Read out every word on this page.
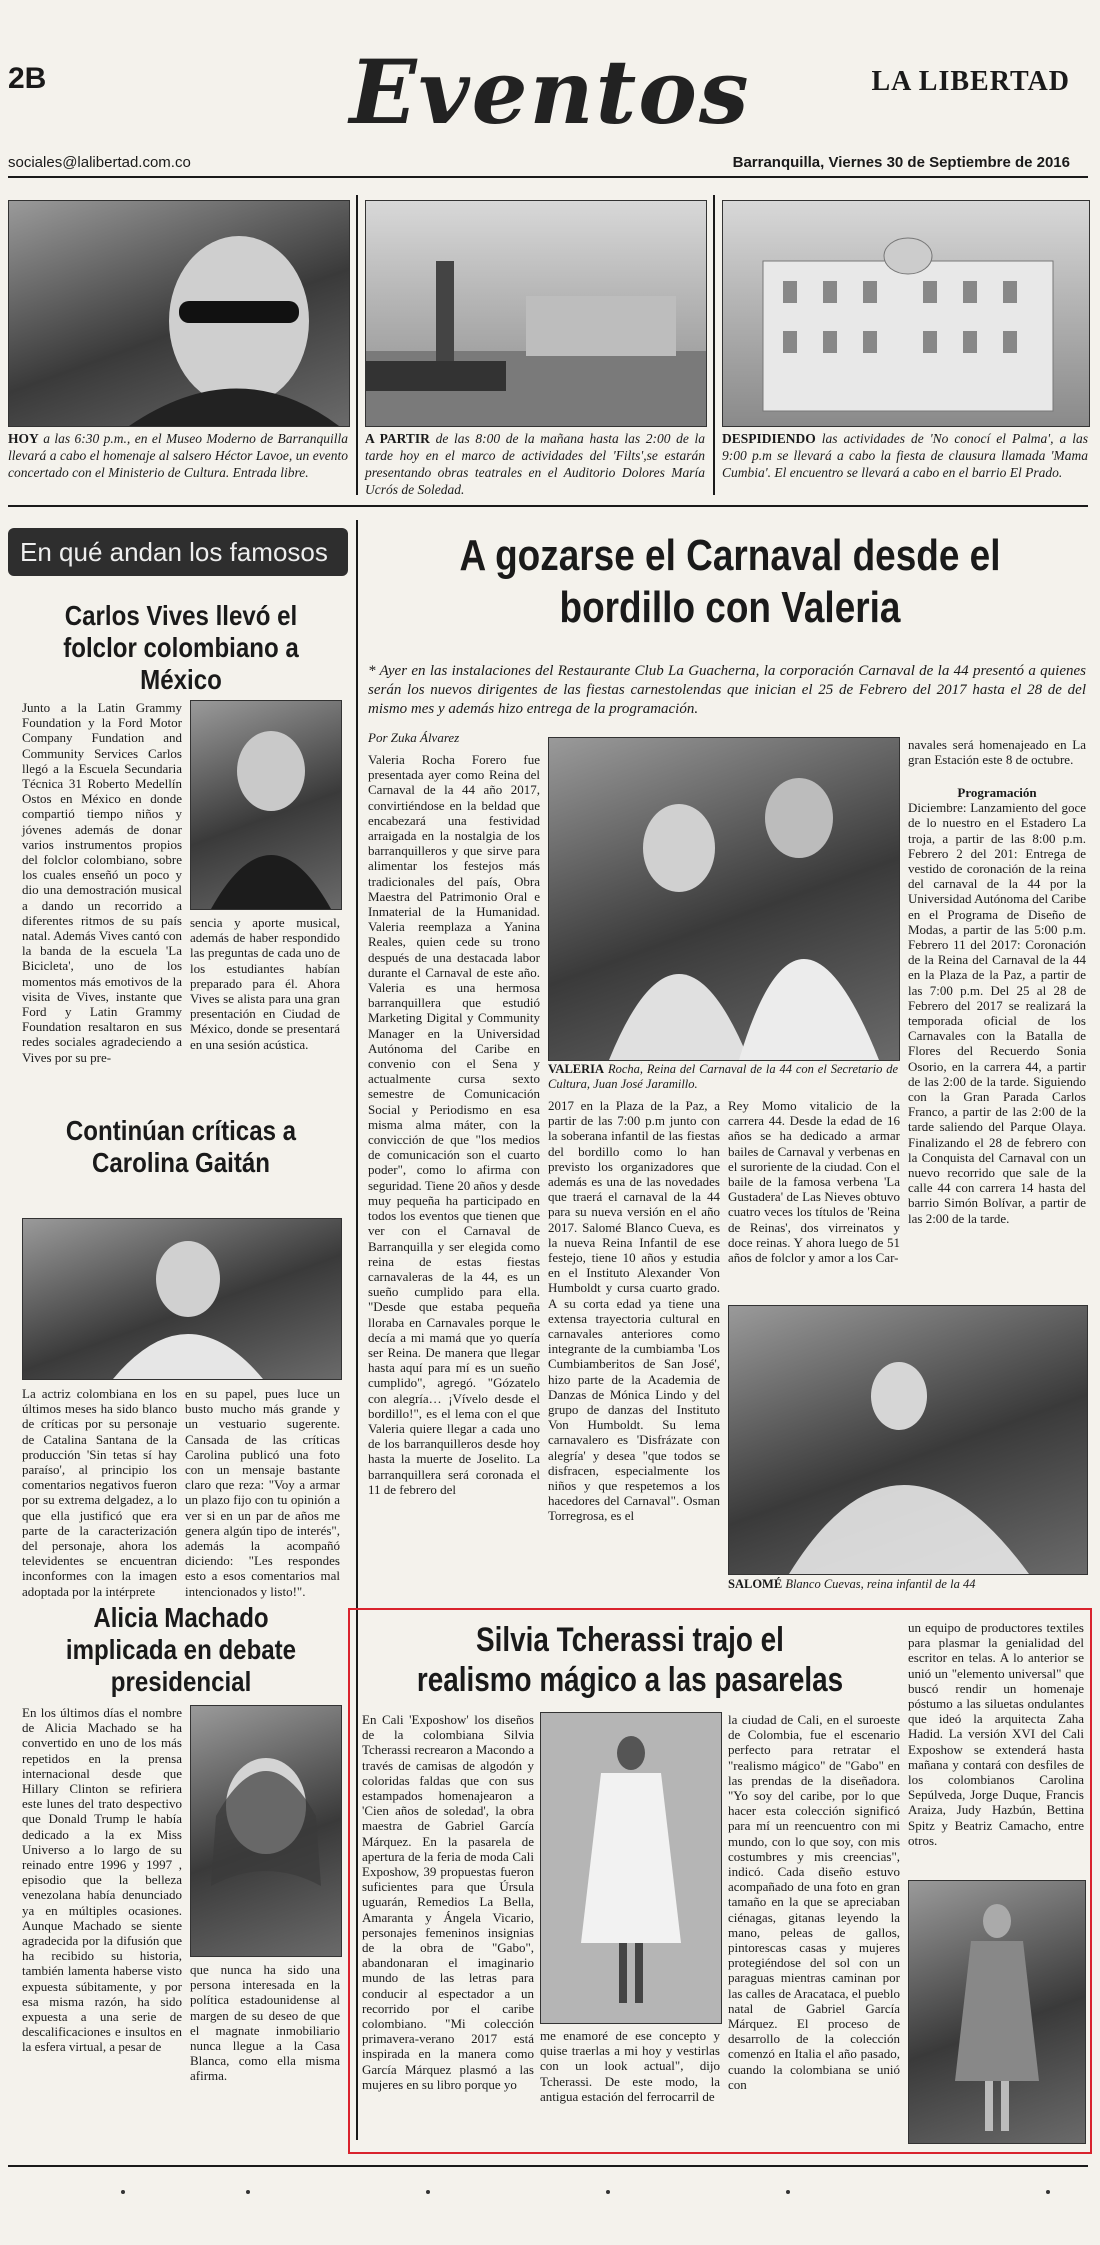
2B	Eventos	LA LIBERTAD
sociales@lalibertad.com.co	Barranquilla, Viernes 30 de Septiembre de 2016
HOY a las 6:30 p.m., en el Museo Moderno de Barranquilla llevará a cabo el homenaje al salsero Héctor Lavoe, un evento concertado con el Ministerio de Cultura. Entrada libre.
A PARTIR de las 8:00 de la mañana hasta las 2:00 de la tarde hoy en el marco de actividades del 'Filts',se estarán presentando obras teatrales en el Auditorio Dolores María Ucrós de Soledad.
DESPIDIENDO las actividades de 'No conocí el Palma', a las 9:00 p.m se llevará a cabo la fiesta de clausura llamada 'Mama Cumbia'. El encuentro se llevará a cabo en el barrio El Prado.
En qué andan los famosos
Carlos Vives llevó el folclor colombiano a México

Junto a la Latin Grammy Foundation y la Ford Motor Company Fundation and Community Services Carlos llegó a la Escuela Secundaria Técnica 31 Roberto Medellín Ostos en México en donde compartió tiempo niños y jóvenes además de donar varios instrumentos propios del folclor colombiano, sobre los cuales enseñó un poco y dio una demostración musical a dando un recorrido a diferentes ritmos de su país natal. Además Vives cantó con la banda de la escuela 'La Bicicleta', uno de los momentos más emotivos de la visita de Vives, instante que Ford y Latin Grammy Foundation resaltaron en sus redes sociales agradeciendo a Vives por su pre-

sencia y aporte musical, además de haber respondido las preguntas de cada uno de los estudiantes habían preparado para él. Ahora Vives se alista para una gran presentación en Ciudad de México, donde se presentará en una sesión acústica.

Continúan críticas a Carolina Gaitán

La actriz colombiana en los últimos meses ha sido blanco de críticas por su personaje de Catalina Santana de la producción 'Sin tetas sí hay paraíso', al principio los comentarios negativos fueron por su extrema delgadez, a lo que ella justificó que era parte de la caracterización del personaje, ahora los televidentes se encuentran inconformes con la imagen adoptada por la intérprete

en su papel, pues luce un busto mucho más grande y un vestuario sugerente. Cansada de las críticas Carolina publicó una foto con un mensaje bastante claro que reza: "Voy a armar un plazo fijo con tu opinión a ver si en un par de años me genera algún tipo de interés", además la acompañó diciendo: "Les respondes esto a esos comentarios mal intencionados y listo!".

Alicia Machado implicada en debate presidencial

En los últimos días el nombre de Alicia Machado se ha convertido en uno de los más repetidos en la prensa internacional desde que Hillary Clinton se refiriera este lunes del trato despectivo que Donald Trump le había dedicado a la ex Miss Universo a lo largo de su reinado entre 1996 y 1997 , episodio que la belleza venezolana había denunciado ya en múltiples ocasiones. Aunque Machado se siente agradecida por la difusión que ha recibido su historia, también lamenta haberse visto expuesta súbitamente, y por esa misma razón, ha sido expuesta a una serie de descalificaciones e insultos en la esfera virtual, a pesar de

que nunca ha sido una persona interesada en la política estadounidense al margen de su deseo de que el magnate inmobiliario nunca llegue a la Casa Blanca, como ella misma afirma.

A gozarse el Carnaval desde el bordillo con Valeria
* Ayer en las instalaciones del Restaurante Club La Guacherna, la corporación Carnaval de la 44 presentó a quienes serán los nuevos dirigentes de las fiestas carnestolendas que inician el 25 de Febrero del 2017 hasta el 28 de del mismo mes y además hizo entrega de la programación.
Por Zuka Álvarez

Valeria Rocha Forero fue presentada ayer como Reina del Carnaval de la 44 año 2017, convirtiéndose en la beldad que encabezará una festividad arraigada en la nostalgia de los barranquilleros y que sirve para alimentar los festejos más tradicionales del país, Obra Maestra del Patrimonio Oral e Inmaterial de la Humanidad. Valeria reemplaza a Yanina Reales, quien cede su trono después de una destacada labor durante el Carnaval de este año. Valeria es una hermosa barranquillera que estudió Marketing Digital y Community Manager en la Universidad Autónoma del Caribe en convenio con el Sena y actualmente cursa sexto semestre de Comunicación Social y Periodismo en esa misma alma máter, con la convicción de que "los medios de comunicación son el cuarto poder", como lo afirma con seguridad. Tiene 20 años y desde muy pequeña ha participado en todos los eventos que tienen que ver con el Carnaval de Barranquilla y ser elegida como reina de estas fiestas carnavaleras de la 44, es un sueño cumplido para ella. "Desde que estaba pequeña lloraba en Carnavales porque le decía a mi mamá que yo quería ser Reina. De manera que llegar hasta aquí para mí es un sueño cumplido", agregó. "Gózatelo con alegría… ¡Vívelo desde el bordillo!", es el lema con el que Valeria quiere llegar a cada uno de los barranquilleros desde hoy hasta la muerte de Joselito. La barranquillera será coronada el 11 de febrero del

VALERIA Rocha, Reina del Carnaval de la 44 con el Secretario de Cultura, Juan José Jaramillo.

2017 en la Plaza de la Paz, a partir de las 7:00 p.m junto con la soberana infantil de las fiestas del bordillo como lo han previsto los organizadores que además es una de las novedades que traerá el carnaval de la 44 para su nueva versión en el año 2017. Salomé Blanco Cueva, es la nueva Reina Infantil de ese festejo, tiene 10 años y estudia en el Instituto Alexander Von Humboldt y cursa cuarto grado. A su corta edad ya tiene una extensa trayectoria cultural en carnavales anteriores como integrante de la cumbiamba 'Los Cumbiamberitos de San José', hizo parte de la Academia de Danzas de Mónica Lindo y del grupo de danzas del Instituto Von Humboldt. Su lema carnavalero es 'Disfrázate con alegría' y desea "que todos se disfracen, especialmente los niños y que respetemos a los hacedores del Carnaval". Osman Torregrosa, es el

Rey Momo vitalicio de la carrera 44. Desde la edad de 16 años se ha dedicado a armar bailes de Carnaval y verbenas en el suroriente de la ciudad. Con el baile de la famosa verbena 'La Gustadera' de Las Nieves obtuvo cuatro veces los títulos de 'Reina de Reinas', dos virreinatos y doce reinas. Y ahora luego de 51 años de folclor y amor a los Car-

navales será homenajeado en La gran Estación este 8 de octubre.

Programación

Diciembre: Lanzamiento del goce de lo nuestro en el Estadero La troja, a partir de las 8:00 p.m. Febrero 2 del 201: Entrega de vestido de coronación de la reina del carnaval de la 44 por la Universidad Autónoma del Caribe en el Programa de Diseño de Modas, a partir de las 5:00 p.m. Febrero 11 del 2017: Coronación de la Reina del Carnaval de la 44 en la Plaza de la Paz, a partir de las 7:00 p.m. Del 25 al 28 de Febrero del 2017 se realizará la temporada oficial de los Carnavales con la Batalla de Flores del Recuerdo Sonia Osorio, en la carrera 44, a partir de las 2:00 de la tarde. Siguiendo con la Gran Parada Carlos Franco, a partir de las 2:00 de la tarde saliendo del Parque Olaya. Finalizando el 28 de febrero con la Conquista del Carnaval con un nuevo recorrido que sale de la calle 44 con carrera 14 hasta del barrio Simón Bolívar, a partir de las 2:00 de la tarde.

SALOMÉ Blanco Cuevas, reina infantil de la 44
Silvia Tcherassi trajo el realismo mágico a las pasarelas

En Cali 'Exposhow' los diseños de la colombiana Silvia Tcherassi recrearon a Macondo a través de camisas de algodón y coloridas faldas que con sus estampados homenajearon a 'Cien años de soledad', la obra maestra de Gabriel García Márquez. En la pasarela de apertura de la feria de moda Cali Exposhow, 39 propuestas fueron suficientes para que Úrsula uguarán, Remedios La Bella, Amaranta y Ángela Vicario, personajes femeninos insignias de la obra de "Gabo", abandonaran el imaginario mundo de las letras para conducir al espectador a un recorrido por el caribe colombiano. "Mi colección primavera-verano 2017 está inspirada en la manera como García Márquez plasmó a las mujeres en su libro porque yo

me enamoré de ese concepto y quise traerlas a mi hoy y vestirlas con un look actual", dijo Tcherassi. De este modo, la antigua estación del ferrocarril de

la ciudad de Cali, en el suroeste de Colombia, fue el escenario perfecto para retratar el "realismo mágico" de "Gabo" en las prendas de la diseñadora. "Yo soy del caribe, por lo que hacer esta colección significó para mí un reencuentro con mi mundo, con lo que soy, con mis costumbres y mis creencias", indicó. Cada diseño estuvo acompañado de una foto en gran tamaño en la que se apreciaban ciénagas, gitanas leyendo la mano, peleas de gallos, pintorescas casas y mujeres protegiéndose del sol con un paraguas mientras caminan por las calles de Aracataca, el pueblo natal de Gabriel García Márquez. El proceso de desarrollo de la colección comenzó en Italia el año pasado, cuando la colombiana se unió con

un equipo de productores textiles para plasmar la genialidad del escritor en telas. A lo anterior se unió un "elemento universal" que buscó rendir un homenaje póstumo a las siluetas ondulantes que ideó la arquitecta Zaha Hadid. La versión XVI del Cali Exposhow se extenderá hasta mañana y contará con desfiles de los colombianos Carolina Sepúlveda, Jorge Duque, Francis Araiza, Judy Hazbún, Bettina Spitz y Beatriz Camacho, entre otros.
